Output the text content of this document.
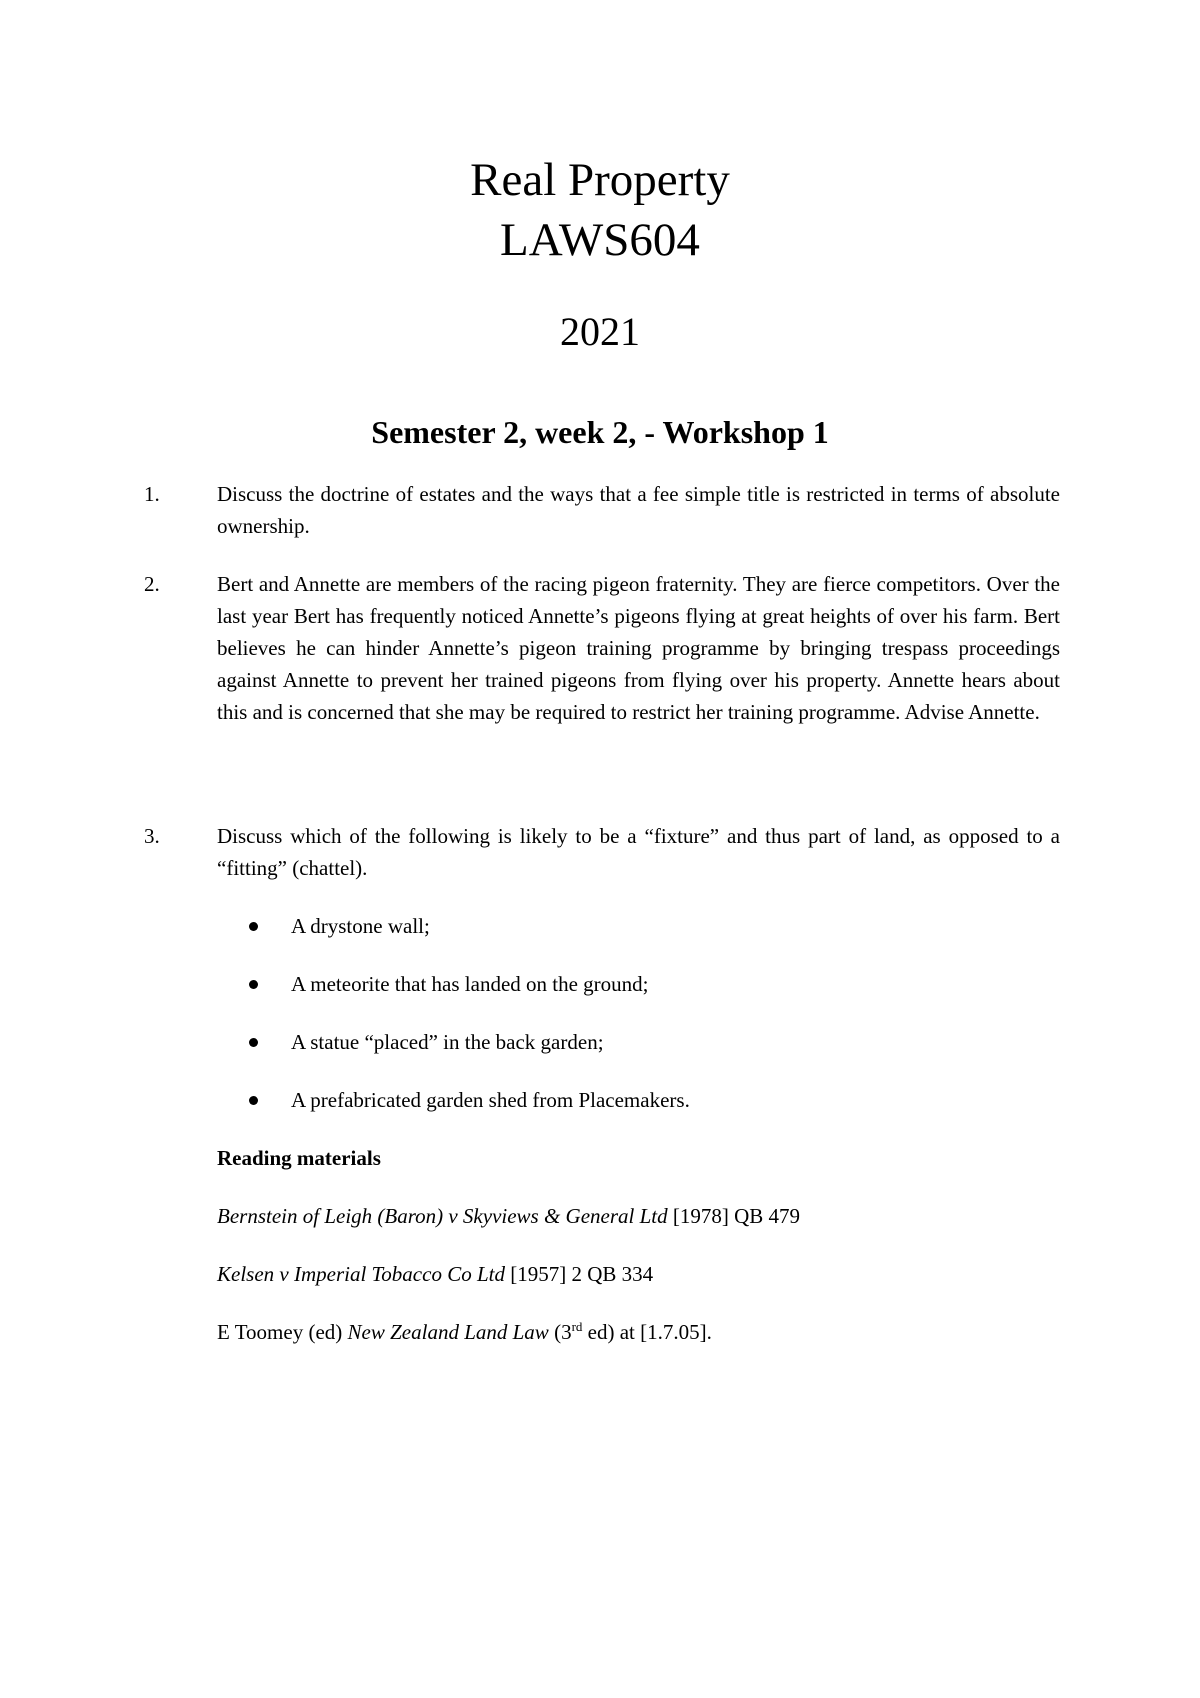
Real Property
LAWS604
2021
Semester 2, week 2, - Workshop 1
1.	Discuss the doctrine of estates and the ways that a fee simple title is restricted in terms of absolute ownership.
2.	Bert and Annette are members of the racing pigeon fraternity. They are fierce competitors. Over the last year Bert has frequently noticed Annette’s pigeons flying at great heights of over his farm. Bert believes he can hinder Annette’s pigeon training programme by bringing trespass proceedings against Annette to prevent her trained pigeons from flying over his property. Annette hears about this and is concerned that she may be required to restrict her training programme. Advise Annette.
3.	Discuss which of the following is likely to be a “fixture” and thus part of land, as opposed to a “fitting” (chattel).
A drystone wall;
A meteorite that has landed on the ground;
A statue “placed” in the back garden;
A prefabricated garden shed from Placemakers.
Reading materials
Bernstein of Leigh (Baron) v Skyviews & General Ltd [1978] QB 479
Kelsen v Imperial Tobacco Co Ltd [1957] 2 QB 334
E Toomey (ed) New Zealand Land Law (3rd ed) at [1.7.05].
